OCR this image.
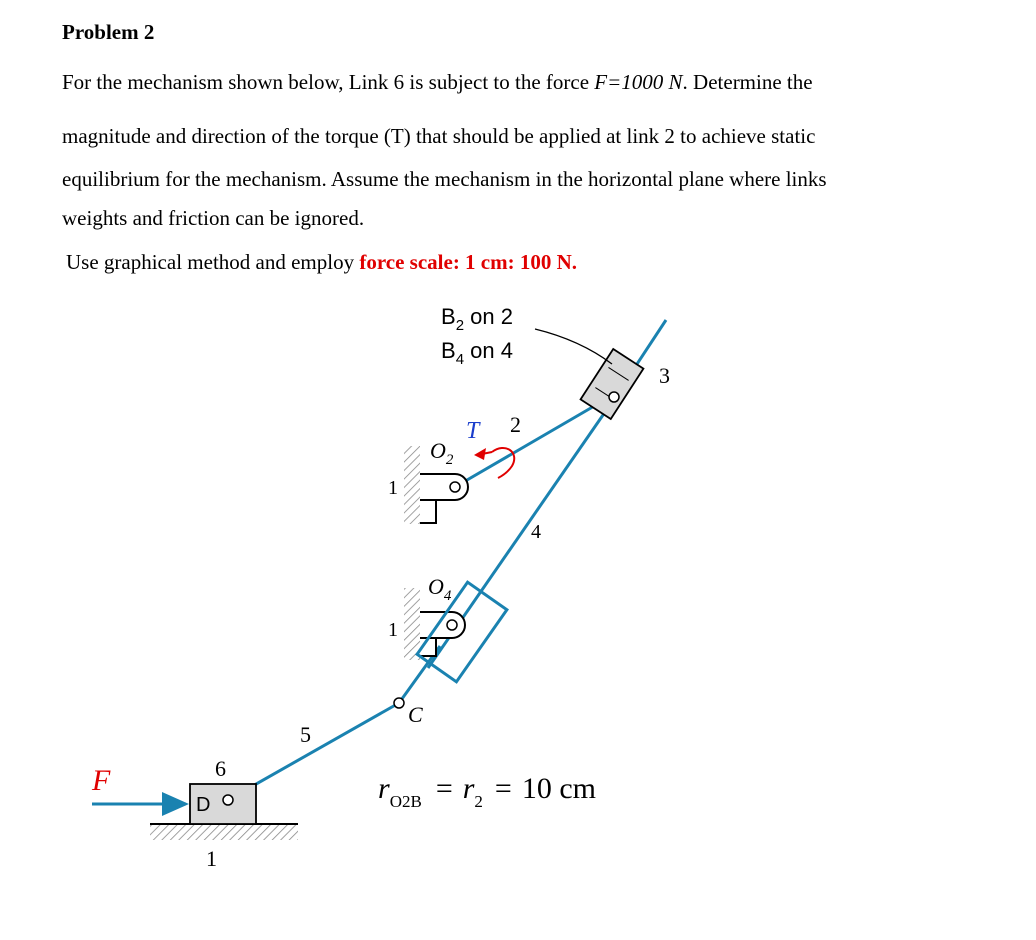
Problem 2
For the mechanism shown below, Link 6 is subject to the force F=1000 N. Determine the
magnitude and direction of the torque (T) that should be applied at link 2 to achieve static
equilibrium for the mechanism. Assume the mechanism in the horizontal plane where links
weights and friction can be ignored.
Use graphical method and employ force scale: 1 cm: 100 N.
$B_2$ on 2
$B_4$ on 4
3
T 2
$O_2$
1
4
$O_4$
1
C
5
6
D
F
1
$r_{O2B} = r_2 = 10$ cm
